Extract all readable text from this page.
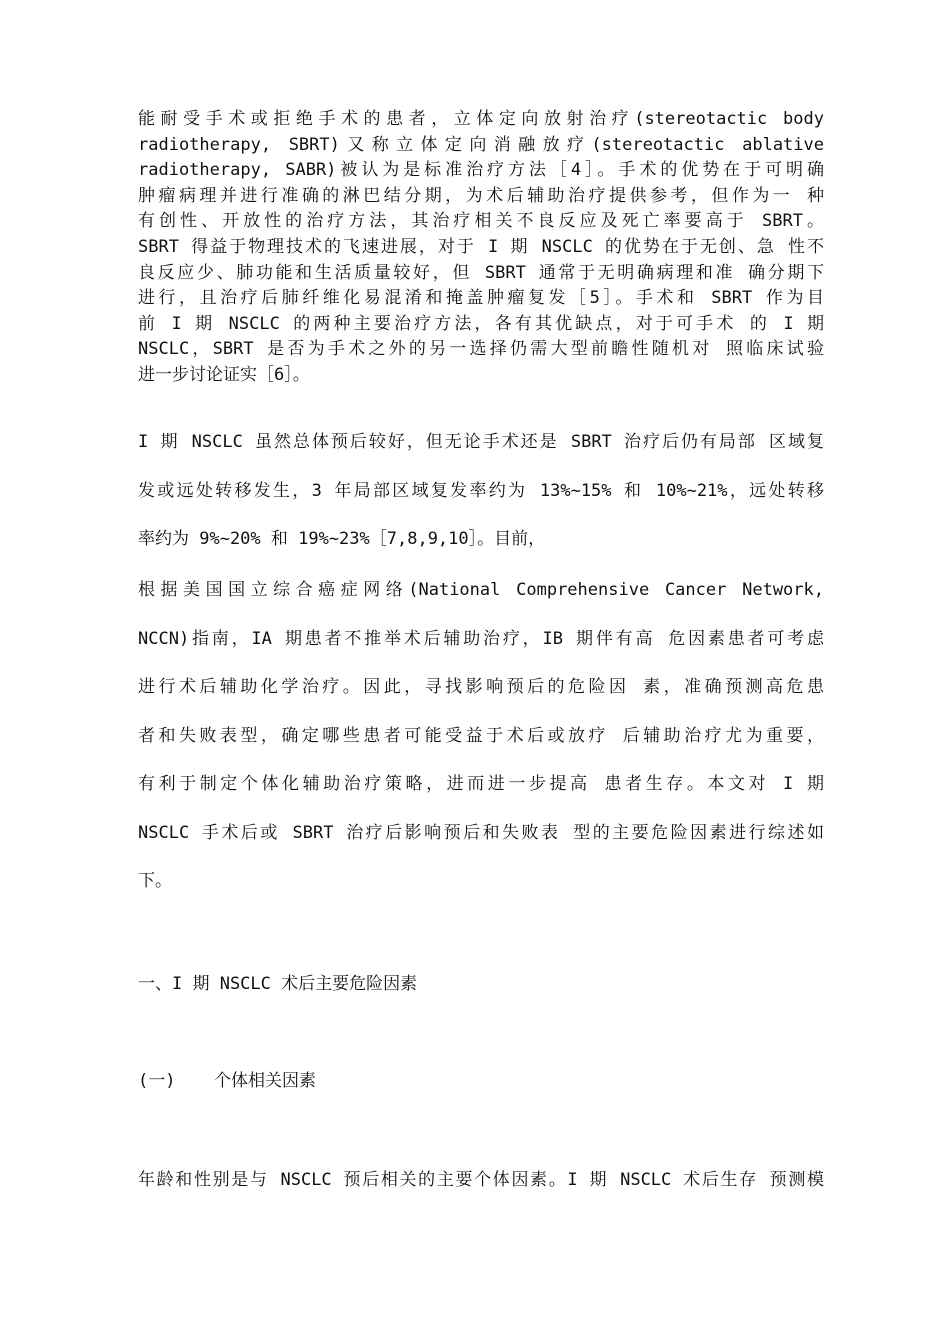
能耐受手术或拒绝手术的患者，立体定向放射治疗(stereotactic body
radiotherapy, SBRT)又称立体定向消融放疗(stereotactic ablative
radiotherapy, SABR)被认为是标准治疗方法［4］。手术的优势在于可明确
肿瘤病理并进行准确的淋巴结分期，为术后辅助治疗提供参考，但作为一 种
有创性、开放性的治疗方法，其治疗相关不良反应及死亡率要高于 SBRT。
SBRT 得益于物理技术的飞速进展，对于 I 期 NSCLC 的优势在于无创、急 性不
良反应少、肺功能和生活质量较好，但 SBRT 通常于无明确病理和准 确分期下
进行，且治疗后肺纤维化易混淆和掩盖肿瘤复发［5］。手术和 SBRT 作为目
前 I 期 NSCLC 的两种主要治疗方法，各有其优缺点，对于可手术 的 I 期
NSCLC，SBRT 是否为手术之外的另一选择仍需大型前瞻性随机对 照临床试验
进一步讨论证实［6］。
I 期 NSCLC 虽然总体预后较好，但无论手术还是 SBRT 治疗后仍有局部 区域复
发或远处转移发生，3 年局部区域复发率约为 13%~15% 和 10%~21%，远处转移
率约为 9%~20% 和 19%~23%［7,8,9,10］。目前，
根据美国国立综合癌症网络(National Comprehensive Cancer Network,
NCCN)指南，IA 期患者不推举术后辅助治疗，IB 期伴有高 危因素患者可考虑
进行术后辅助化学治疗。因此，寻找影响预后的危险因 素，准确预测高危患
者和失败表型，确定哪些患者可能受益于术后或放疗 后辅助治疗尤为重要，
有利于制定个体化辅助治疗策略，进而进一步提高 患者生存。本文对 I 期
NSCLC 手术后或 SBRT 治疗后影响预后和失败表 型的主要危险因素进行综述如
下。
一、I 期 NSCLC 术后主要危险因素
(一) 个体相关因素
年龄和性别是与 NSCLC 预后相关的主要个体因素。I 期 NSCLC 术后生存 预测模
